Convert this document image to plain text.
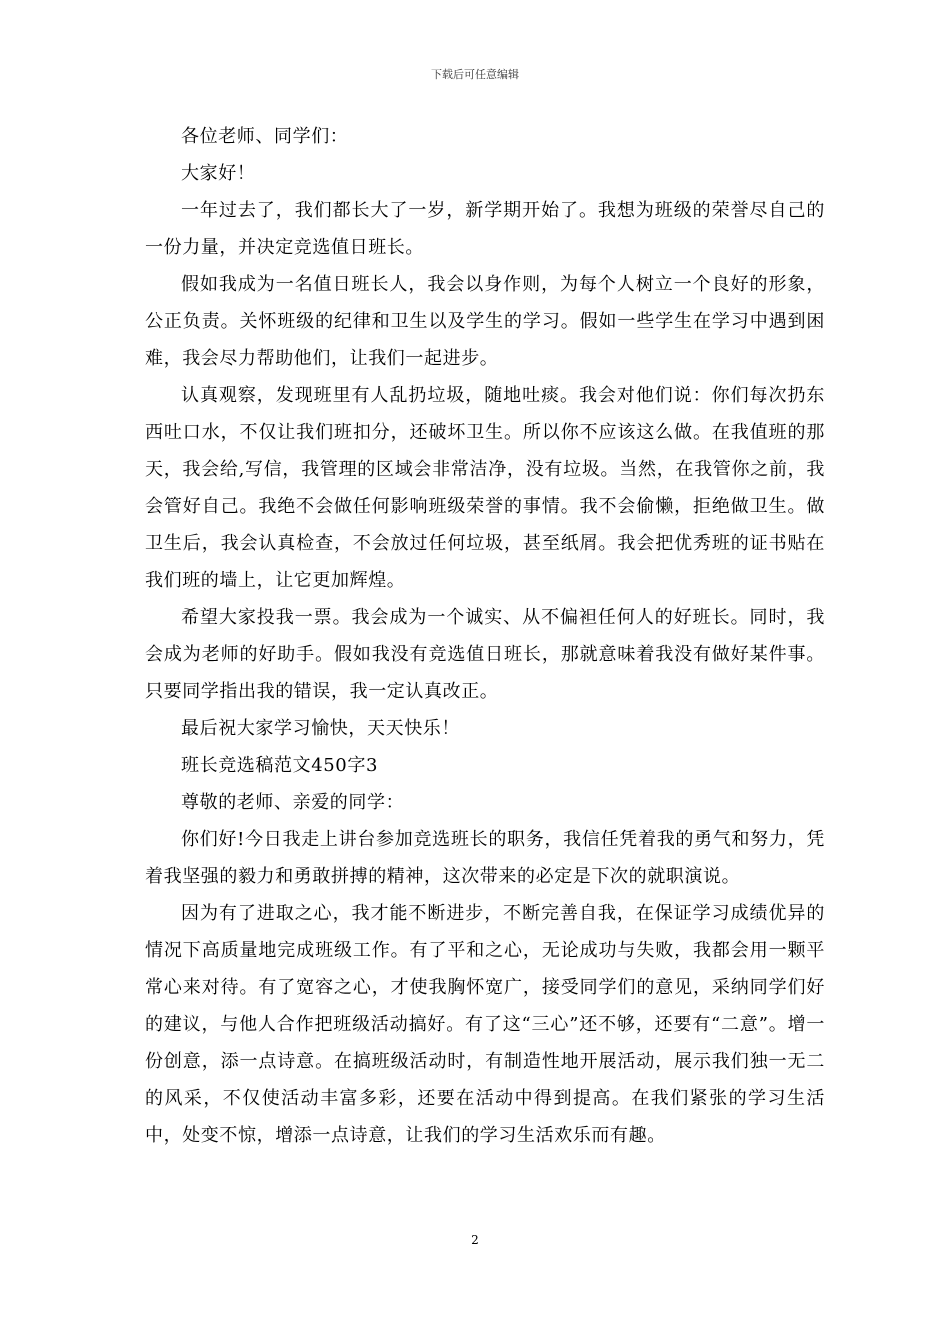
下载后可任意编辑

各位老师、同学们：

大家好！

一年过去了，我们都长大了一岁，新学期开始了。我想为班级的荣誉尽自己的一份力量，并决定竞选值日班长。

假如我成为一名值日班长人，我会以身作则，为每个人树立一个良好的形象，公正负责。关怀班级的纪律和卫生以及学生的学习。假如一些学生在学习中遇到困难，我会尽力帮助他们，让我们一起进步。

认真观察，发现班里有人乱扔垃圾，随地吐痰。我会对他们说：你们每次扔东西吐口水，不仅让我们班扣分，还破坏卫生。所以你不应该这么做。在我值班的那天，我会给,写信，我管理的区域会非常洁净，没有垃圾。当然，在我管你之前，我会管好自己。我绝不会做任何影响班级荣誉的事情。我不会偷懒，拒绝做卫生。做卫生后，我会认真检查，不会放过任何垃圾，甚至纸屑。我会把优秀班的证书贴在我们班的墙上，让它更加辉煌。

希望大家投我一票。我会成为一个诚实、从不偏袒任何人的好班长。同时，我会成为老师的好助手。假如我没有竞选值日班长，那就意味着我没有做好某件事。只要同学指出我的错误，我一定认真改正。

最后祝大家学习愉快，天天快乐！

班长竞选稿范文450字3

尊敬的老师、亲爱的同学：

你们好!今日我走上讲台参加竞选班长的职务，我信任凭着我的勇气和努力，凭着我坚强的毅力和勇敢拼搏的精神，这次带来的必定是下次的就职演说。

因为有了进取之心，我才能不断进步，不断完善自我，在保证学习成绩优异的情况下高质量地完成班级工作。有了平和之心，无论成功与失败，我都会用一颗平常心来对待。有了宽容之心，才使我胸怀宽广，接受同学们的意见，采纳同学们好的建议，与他人合作把班级活动搞好。有了这“三心”还不够，还要有“二意”。增一份创意，添一点诗意。在搞班级活动时，有制造性地开展活动，展示我们独一无二的风采，不仅使活动丰富多彩，还要在活动中得到提高。在我们紧张的学习生活中，处变不惊，增添一点诗意，让我们的学习生活欢乐而有趣。

2
